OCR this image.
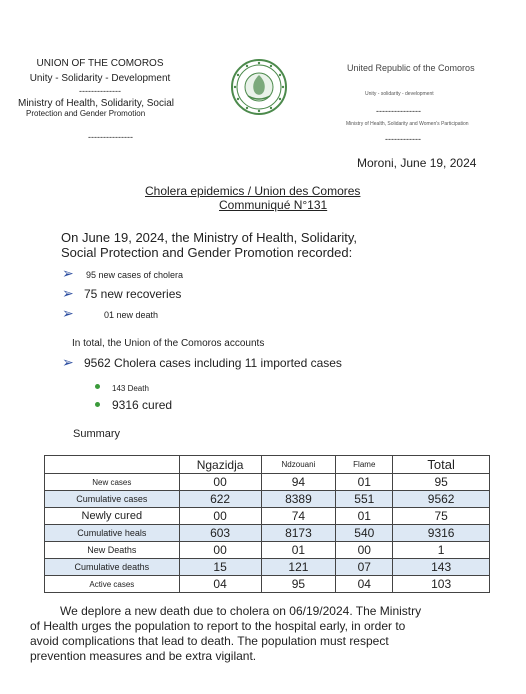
UNION OF THE COMOROS
Unity - Solidarity - Development
--------------
Ministry of Health, Solidarity, Social
Protection and Gender Promotion
---------------
United Republic of the Comoros
Unity - solidarity - development
---------------
Ministry of Health, Solidarity and Women's Participation
------------
Moroni, June 19, 2024
Cholera epidemics / Union des Comores
Communiqué N°131
On June 19, 2024, the Ministry of Health, Solidarity,
Social Protection and Gender Promotion recorded:
➢ 95 new cases of cholera
➢ 75 new recoveries
➢	01 new death
In total, the Union of the Comoros accounts
➢ 9562 Cholera cases including 11 imported cases
143 Death
9316 cured
Summary
	Ngazidja	Ndzouani	Flame	Total
New cases	00	94	01	95
Cumulative cases	622	8389	551	9562
Newly cured	00	74	01	75
Cumulative heals	603	8173	540	9316
New Deaths	00	01	00	1
Cumulative deaths	15	121	07	143
Active cases	04	95	04	103
We deplore a new death due to cholera on 06/19/2024. The Ministry
of Health urges the population to report to the hospital early, in order to
avoid complications that lead to death. The population must respect
prevention measures and be extra vigilant.
